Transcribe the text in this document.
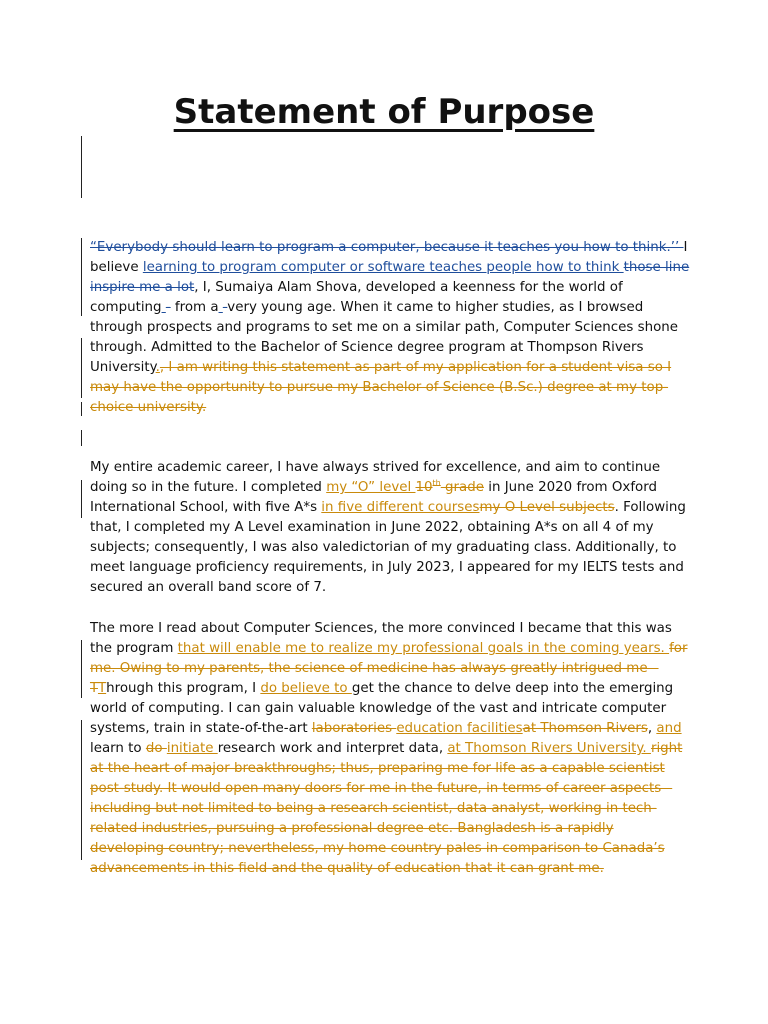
Statement of Purpose

“Everybody should learn to program a computer, because it teaches you how to think.’’ I believe learning to program computer or software teaches people how to think those line inspire me a lot, I, Sumaiya Alam Shova, developed a keenness for the world of computing - from a -very young age. When it came to higher studies, as I browsed through prospects and programs to set me on a similar path, Computer Sciences shone through. Admitted to the Bachelor of Science degree program at Thompson Rivers University., I am writing this statement as part of my application for a student visa so I may have the opportunity to pursue my Bachelor of Science (B.Sc.) degree at my top-choice university.

My entire academic career, I have always strived for excellence, and aim to continue doing so in the future. I completed my “O” level 10th grade in June 2020 from Oxford International School, with five A*s in five different coursesmy O Level subjects. Following that, I completed my A Level examination in June 2022, obtaining A*s on all 4 of my subjects; consequently, I was also valedictorian of my graduating class. Additionally, to meet language proficiency requirements, in July 2023, I appeared for my IELTS tests and secured an overall band score of 7.

The more I read about Computer Sciences, the more convinced I became that this was the program that will enable me to realize my professional goals in the coming years. for me. Owing to my parents, the science of medicine has always greatly intrigued me – TThrough this program, I do believe to get the chance to delve deep into the emerging world of computing. I can gain valuable knowledge of the vast and intricate computer systems, train in state-of-the-art laboratories education facilitiesat Thomson Rivers, and learn to do initiate research work and interpret data, at Thomson Rivers University. right at the heart of major breakthroughs; thus, preparing me for life as a capable scientist post-study. It would open many doors for me in the future, in terms of career aspects – including but not limited to being a research scientist, data analyst, working in tech-related industries, pursuing a professional degree etc. Bangladesh is a rapidly developing country; nevertheless, my home country pales in comparison to Canada’s advancements in this field and the quality of education that it can grant me.
